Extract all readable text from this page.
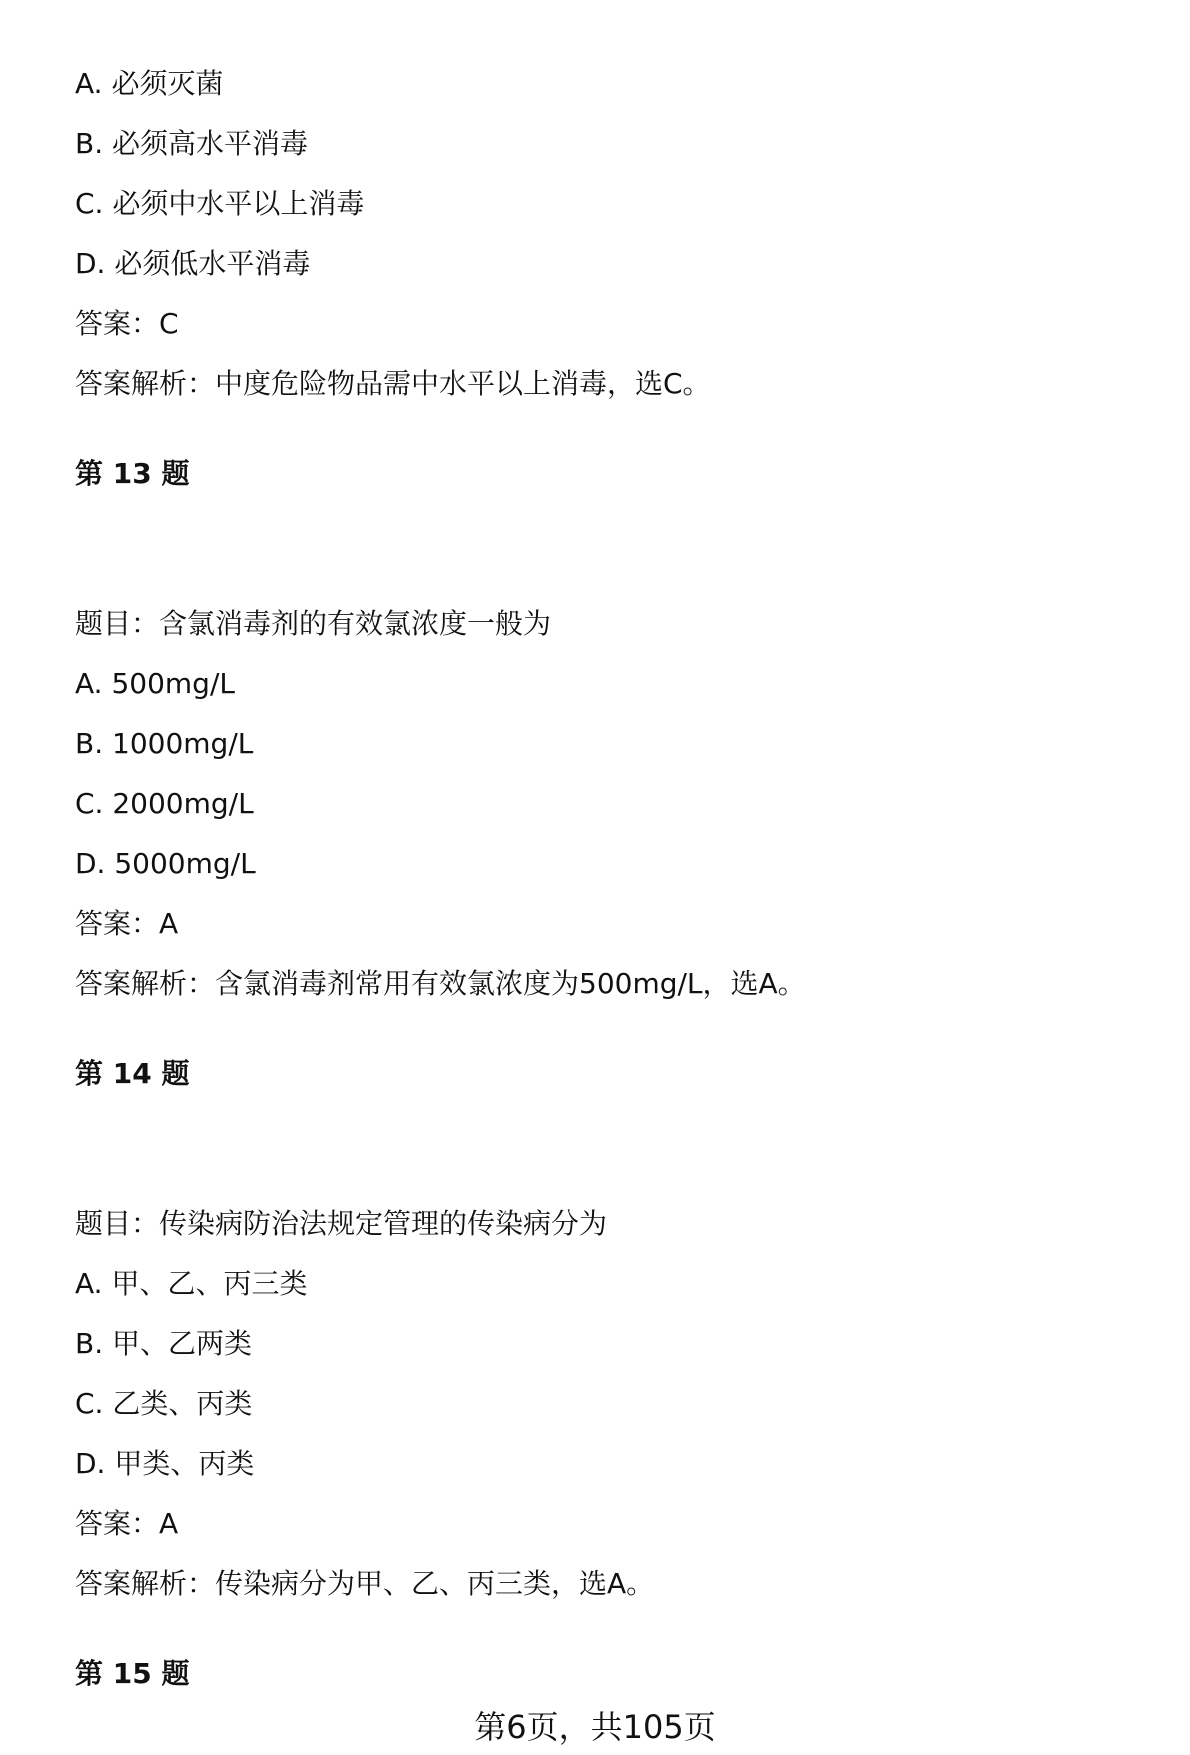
A. 必须灭菌
B. 必须高水平消毒
C. 必须中水平以上消毒
D. 必须低水平消毒
答案：C
答案解析：中度危险物品需中水平以上消毒，选C。
第 13 题
题目：含氯消毒剂的有效氯浓度一般为
A. 500mg/L
B. 1000mg/L
C. 2000mg/L
D. 5000mg/L
答案：A
答案解析：含氯消毒剂常用有效氯浓度为500mg/L，选A。
第 14 题
题目：传染病防治法规定管理的传染病分为
A. 甲、乙、丙三类
B. 甲、乙两类
C. 乙类、丙类
D. 甲类、丙类
答案：A
答案解析：传染病分为甲、乙、丙三类，选A。
第 15 题
第6页，共105页
